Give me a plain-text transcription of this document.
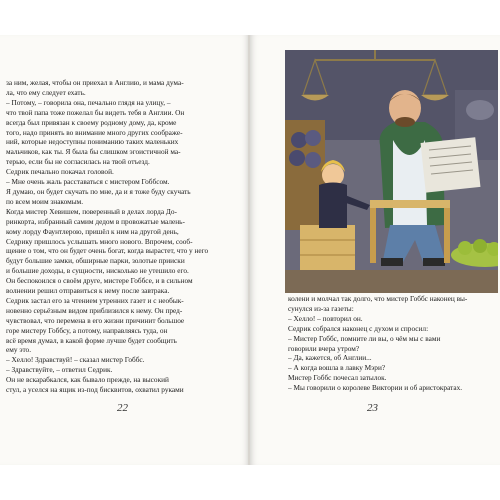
за ним, желая, чтобы он приехал в Англию, и мама дума-
ла, что ему следует ехать.
– Потому, – говорила она, печально глядя на улицу, –
что твой папа тоже пожелал бы видеть тебя в Англии. Он
всегда был привязан к своему родному дому, да, кроме
того, надо принять во внимание много других соображе-
ний, которые недоступны пониманию таких маленьких
мальчиков, как ты. Я была бы слишком эгоистичной ма-
терью, если бы не согласилась на твой отъезд.
Седрик печально покачал головой.
– Мне очень жаль расставаться с мистером Гоббсом.
Я думаю, он будет скучать по мне, да и я тоже буду скучать
по всем моим знакомым.
Когда мистер Хевишем, поверенный в делах лорда До-
ринкорта, избранный самим дедом в провожатые малень-
кому лорду Фаунтлерою, пришёл к ним на другой день,
Седрику пришлось услышать много нового. Впрочем, сооб-
щение о том, что он будет очень богат, когда вырастет, что у него
будут большие замки, обширные парки, золотые прииски
и большие доходы, в сущности, нисколько не утешило его.
Он беспокоился о своём друге, мистере Гоббсе, и в сильном
волнении решил отправиться к нему после завтрака.
Седрик застал его за чтением утренних газет и с необык-
новенно серьёзным видом приблизился к нему. Он пред-
чувствовал, что перемена в его жизни причинит большое
горе мистеру Гоббсу, а потому, направляясь туда, он
всё время думал, в какой форме лучше будет сообщить
ему это.
– Хелло! Здравствуй! – сказал мистер Гоббс.
– Здравствуйте, – ответил Седрик.
Он не вскарабкался, как бывало прежде, на высокий
стул, а уселся на ящик из-под бисквитов, охватил руками
22
колени и молчал так долго, что мистер Гоббс наконец вы-
сунулся из-за газеты:
– Хелло! – повторил он.
Седрик собрался наконец с духом и спросил:
– Мистер Гоббс, помните ли вы, о чём мы с вами
говорили вчера утром?
– Да, кажется, об Англии...
– А когда вошла в лавку Мэри?
Мистер Гоббс почесал затылок.
– Мы говорили о королеве Виктории и об аристократах.
23
